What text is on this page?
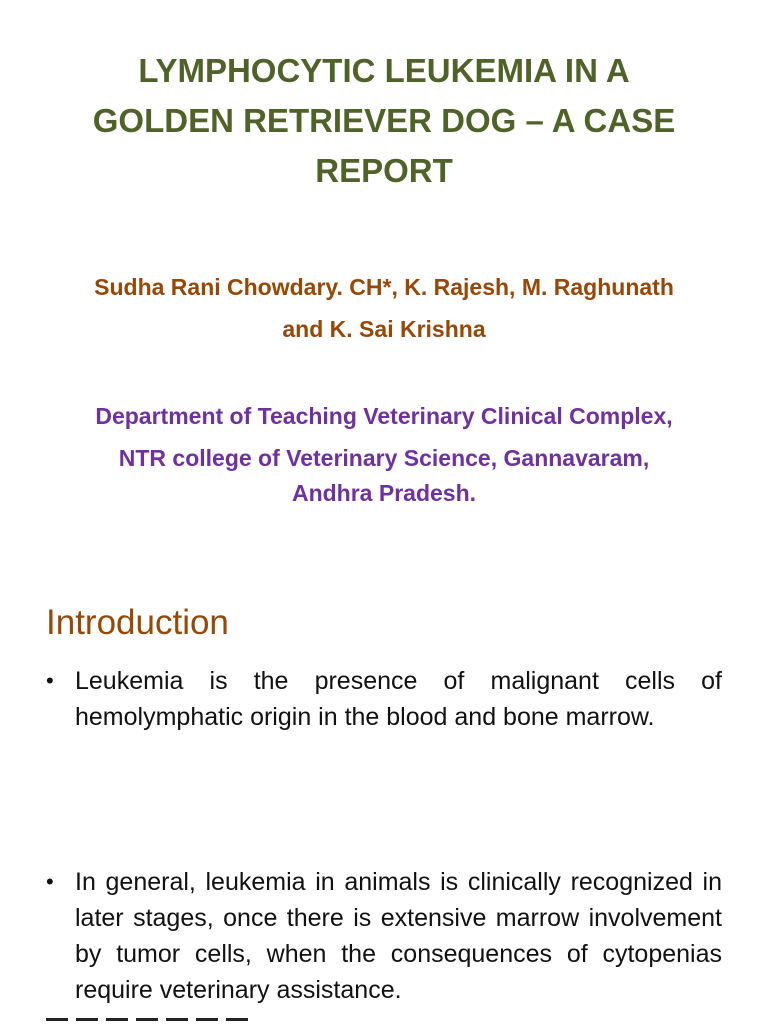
LYMPHOCYTIC LEUKEMIA IN A
GOLDEN RETRIEVER DOG – A CASE
REPORT
Sudha Rani Chowdary. CH*, K. Rajesh, M. Raghunath
and K. Sai Krishna
Department of Teaching Veterinary Clinical Complex,
NTR college of Veterinary Science, Gannavaram,
Andhra Pradesh.
Introduction
• Leukemia is the presence of malignant cells of hemolymphatic origin in the blood and bone marrow.
• In general, leukemia in animals is clinically recognized in later stages, once there is extensive marrow involvement by tumor cells, when the consequences of cytopenias require veterinary assistance.
